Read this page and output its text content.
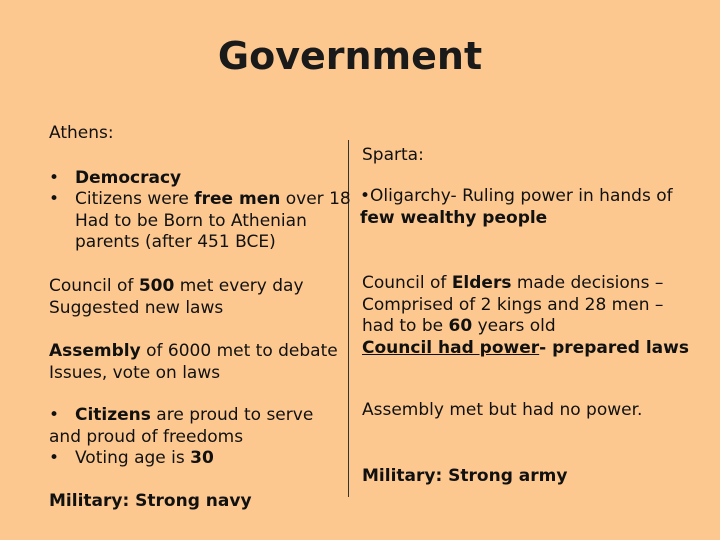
Government
Athens:
• Democracy
• Citizens were free men over 18
Had to be Born to Athenian
parents (after 451 BCE)
Council of 500 met every day
Suggested new laws
Assembly of 6000 met to debate
Issues, vote on laws
• Citizens are proud to serve
and proud of freedoms
• Voting age is 30
Military: Strong navy
Sparta:
•Oligarchy- Ruling power in hands of
few wealthy people
Council of Elders made decisions –
Comprised of 2 kings and 28 men –
had to be 60 years old
Council had power- prepared laws
Assembly met but had no power.
Military: Strong army
